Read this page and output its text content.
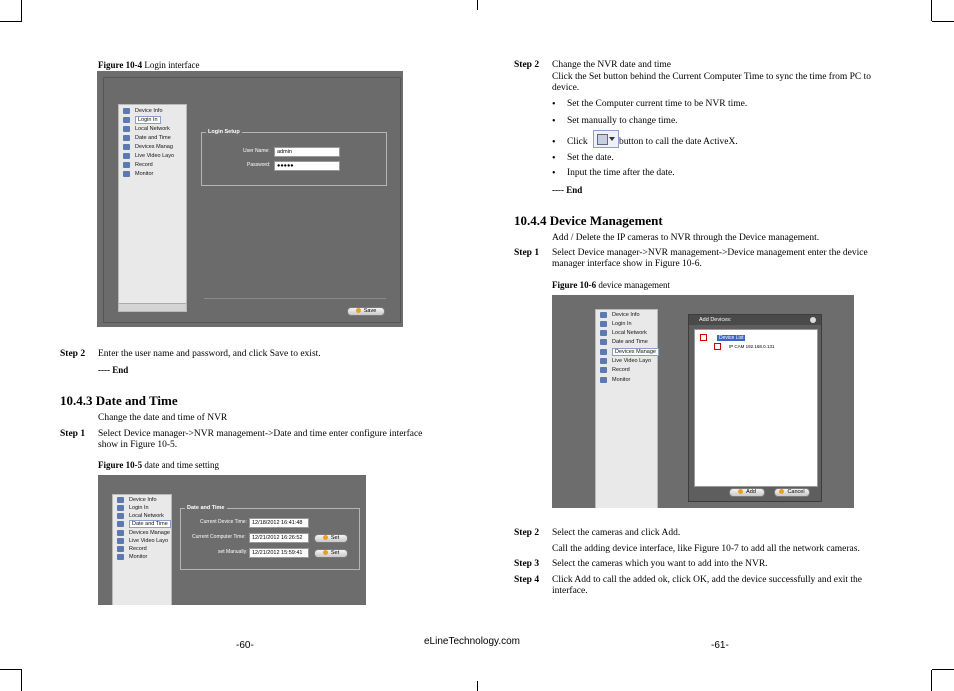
Figure 10-4 Login interface
Device Info
Login In
Local Network
Date and Time
Devices Manag
Live Video Layo
Record
Monitor
Login Setup
User Name:	admin
Password:	●●●●●
Save
Step 2 Enter the user name and password, and click Save to exist.
---- End
10.4.3 Date and Time
Change the date and time of NVR
Step 1 Select Device manager->NVR management->Date and time enter configure interface show in Figure 10-5.
Figure 10-5 date and time setting
Device Info
Login In
Local Network
Date and Time
Devices Manage
Live Video Layo
Record
Monitor
Date and Time
Current Device Time: 12/18/2012 16:41:48
Current Computer Time:	12/21/2012 16:26:52	Set
set Manually: 12/21/2012 15:59:41	Set
-60-	eLineTechnology.com
Step 2 Change the NVR date and time
Click the Set button behind the Current Computer Time to sync the time from PC to device.
• Set the Computer current time to be NVR time.
• Set manually to change time.
• Click	button to call the date ActiveX.
• Set the date.
• Input the time after the date.
---- End
10.4.4 Device Management
Add / Delete the IP cameras to NVR through the Device management.
Step 1 Select Device manager->NVR management->Device management enter the device manager interface show in Figure 10-6.
Figure 10-6 device management
Device Info
Login In
Local Network
Date and Time
Devices Manage
Live Video Layo
Record
Monitor
Add Devices:
Device List
IP CAM 192.168.0.131
Add	Cancel
Step 2 Select the cameras and click Add.
Call the adding device interface, like Figure 10-7 to add all the network cameras.
Step 3 Select the cameras which you want to add into the NVR.
Step 4 Click Add to call the added ok, click OK, add the device successfully and exit the interface.
-61-
